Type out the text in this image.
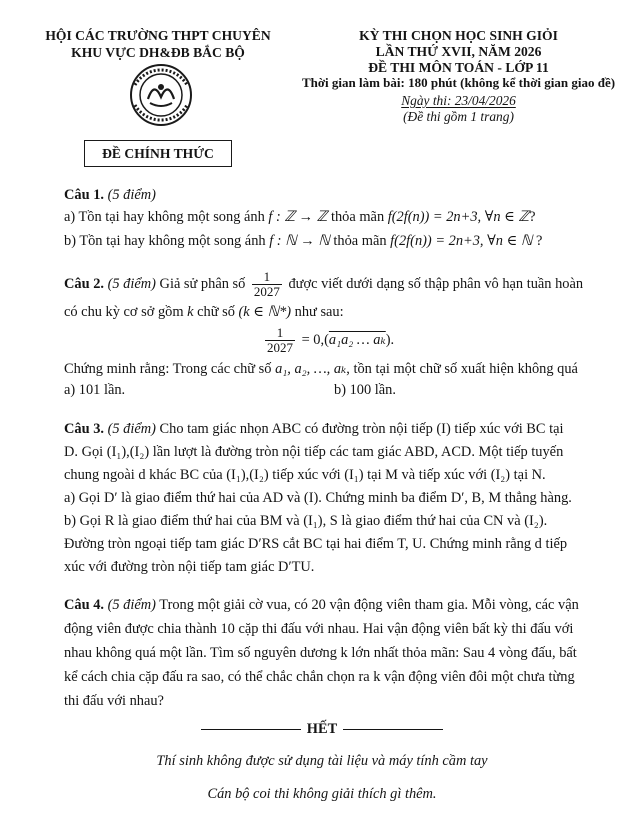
HỘI CÁC TRƯỜNG THPT CHUYÊN
KHU VỰC DH&ĐB BẮC BỘ
ĐỀ CHÍNH THỨC
KỲ THI CHỌN HỌC SINH GIỎI
LẦN THỨ XVII, NĂM 2026
ĐỀ THI MÔN TOÁN - LỚP 11
Thời gian làm bài: 180 phút (không kể thời gian giao đề)
Ngày thi: 23/04/2026
(Đề thi gồm 1 trang)
Câu 1. (5 điểm)
a) Tồn tại hay không một song ánh f : ℤ → ℤ thỏa mãn f(2f(n)) = 2n+3, ∀n ∈ ℤ?
b) Tồn tại hay không một song ánh f : ℕ → ℕ thỏa mãn f(2f(n)) = 2n+3, ∀n ∈ ℕ ?
Câu 2. (5 điểm) Giả sử phân số $\frac{1}{2027}$ được viết dưới dạng số thập phân vô hạn tuần hoàn
có chu kỳ cơ sở gồm k chữ số (k ∈ ℕ*) như sau:
$\frac{1}{2027} = 0,(a_1a_2$ … aₖ).
Chứng minh rằng: Trong các chữ số a₁, a₂, …, aₖ, tồn tại một chữ số xuất hiện không quá
a) 101 lần.	b) 100 lần.
Câu 3. (5 điểm) Cho tam giác nhọn ABC có đường tròn nội tiếp (I) tiếp xúc với BC tại
D. Gọi (I₁),(I₂) lần lượt là đường tròn nội tiếp các tam giác ABD, ACD. Một tiếp tuyến
chung ngoài d khác BC của (I₁),(I₂) tiếp xúc với (I₁) tại M và tiếp xúc với (I₂) tại N.
a) Gọi D′ là giao điểm thứ hai của AD và (I). Chứng minh ba điểm D′, B, M thẳng hàng.
b) Gọi R là giao điểm thứ hai của BM và (I₁), S là giao điểm thứ hai của CN và (I₂).
Đường tròn ngoại tiếp tam giác D′RS cắt BC tại hai điểm T, U. Chứng minh rằng d tiếp
xúc với đường tròn nội tiếp tam giác D′TU.
Câu 4. (5 điểm) Trong một giải cờ vua, có 20 vận động viên tham gia. Mỗi vòng, các vận
động viên được chia thành 10 cặp thi đấu với nhau. Hai vận động viên bất kỳ thi đấu với
nhau không quá một lần. Tìm số nguyên dương k lớn nhất thỏa mãn: Sau 4 vòng đấu, bất
kể cách chia cặp đấu ra sao, có thể chắc chắn chọn ra k vận động viên đôi một chưa từng
thi đấu với nhau?
HẾT
Thí sinh không được sử dụng tài liệu và máy tính cầm tay
Cán bộ coi thi không giải thích gì thêm.
